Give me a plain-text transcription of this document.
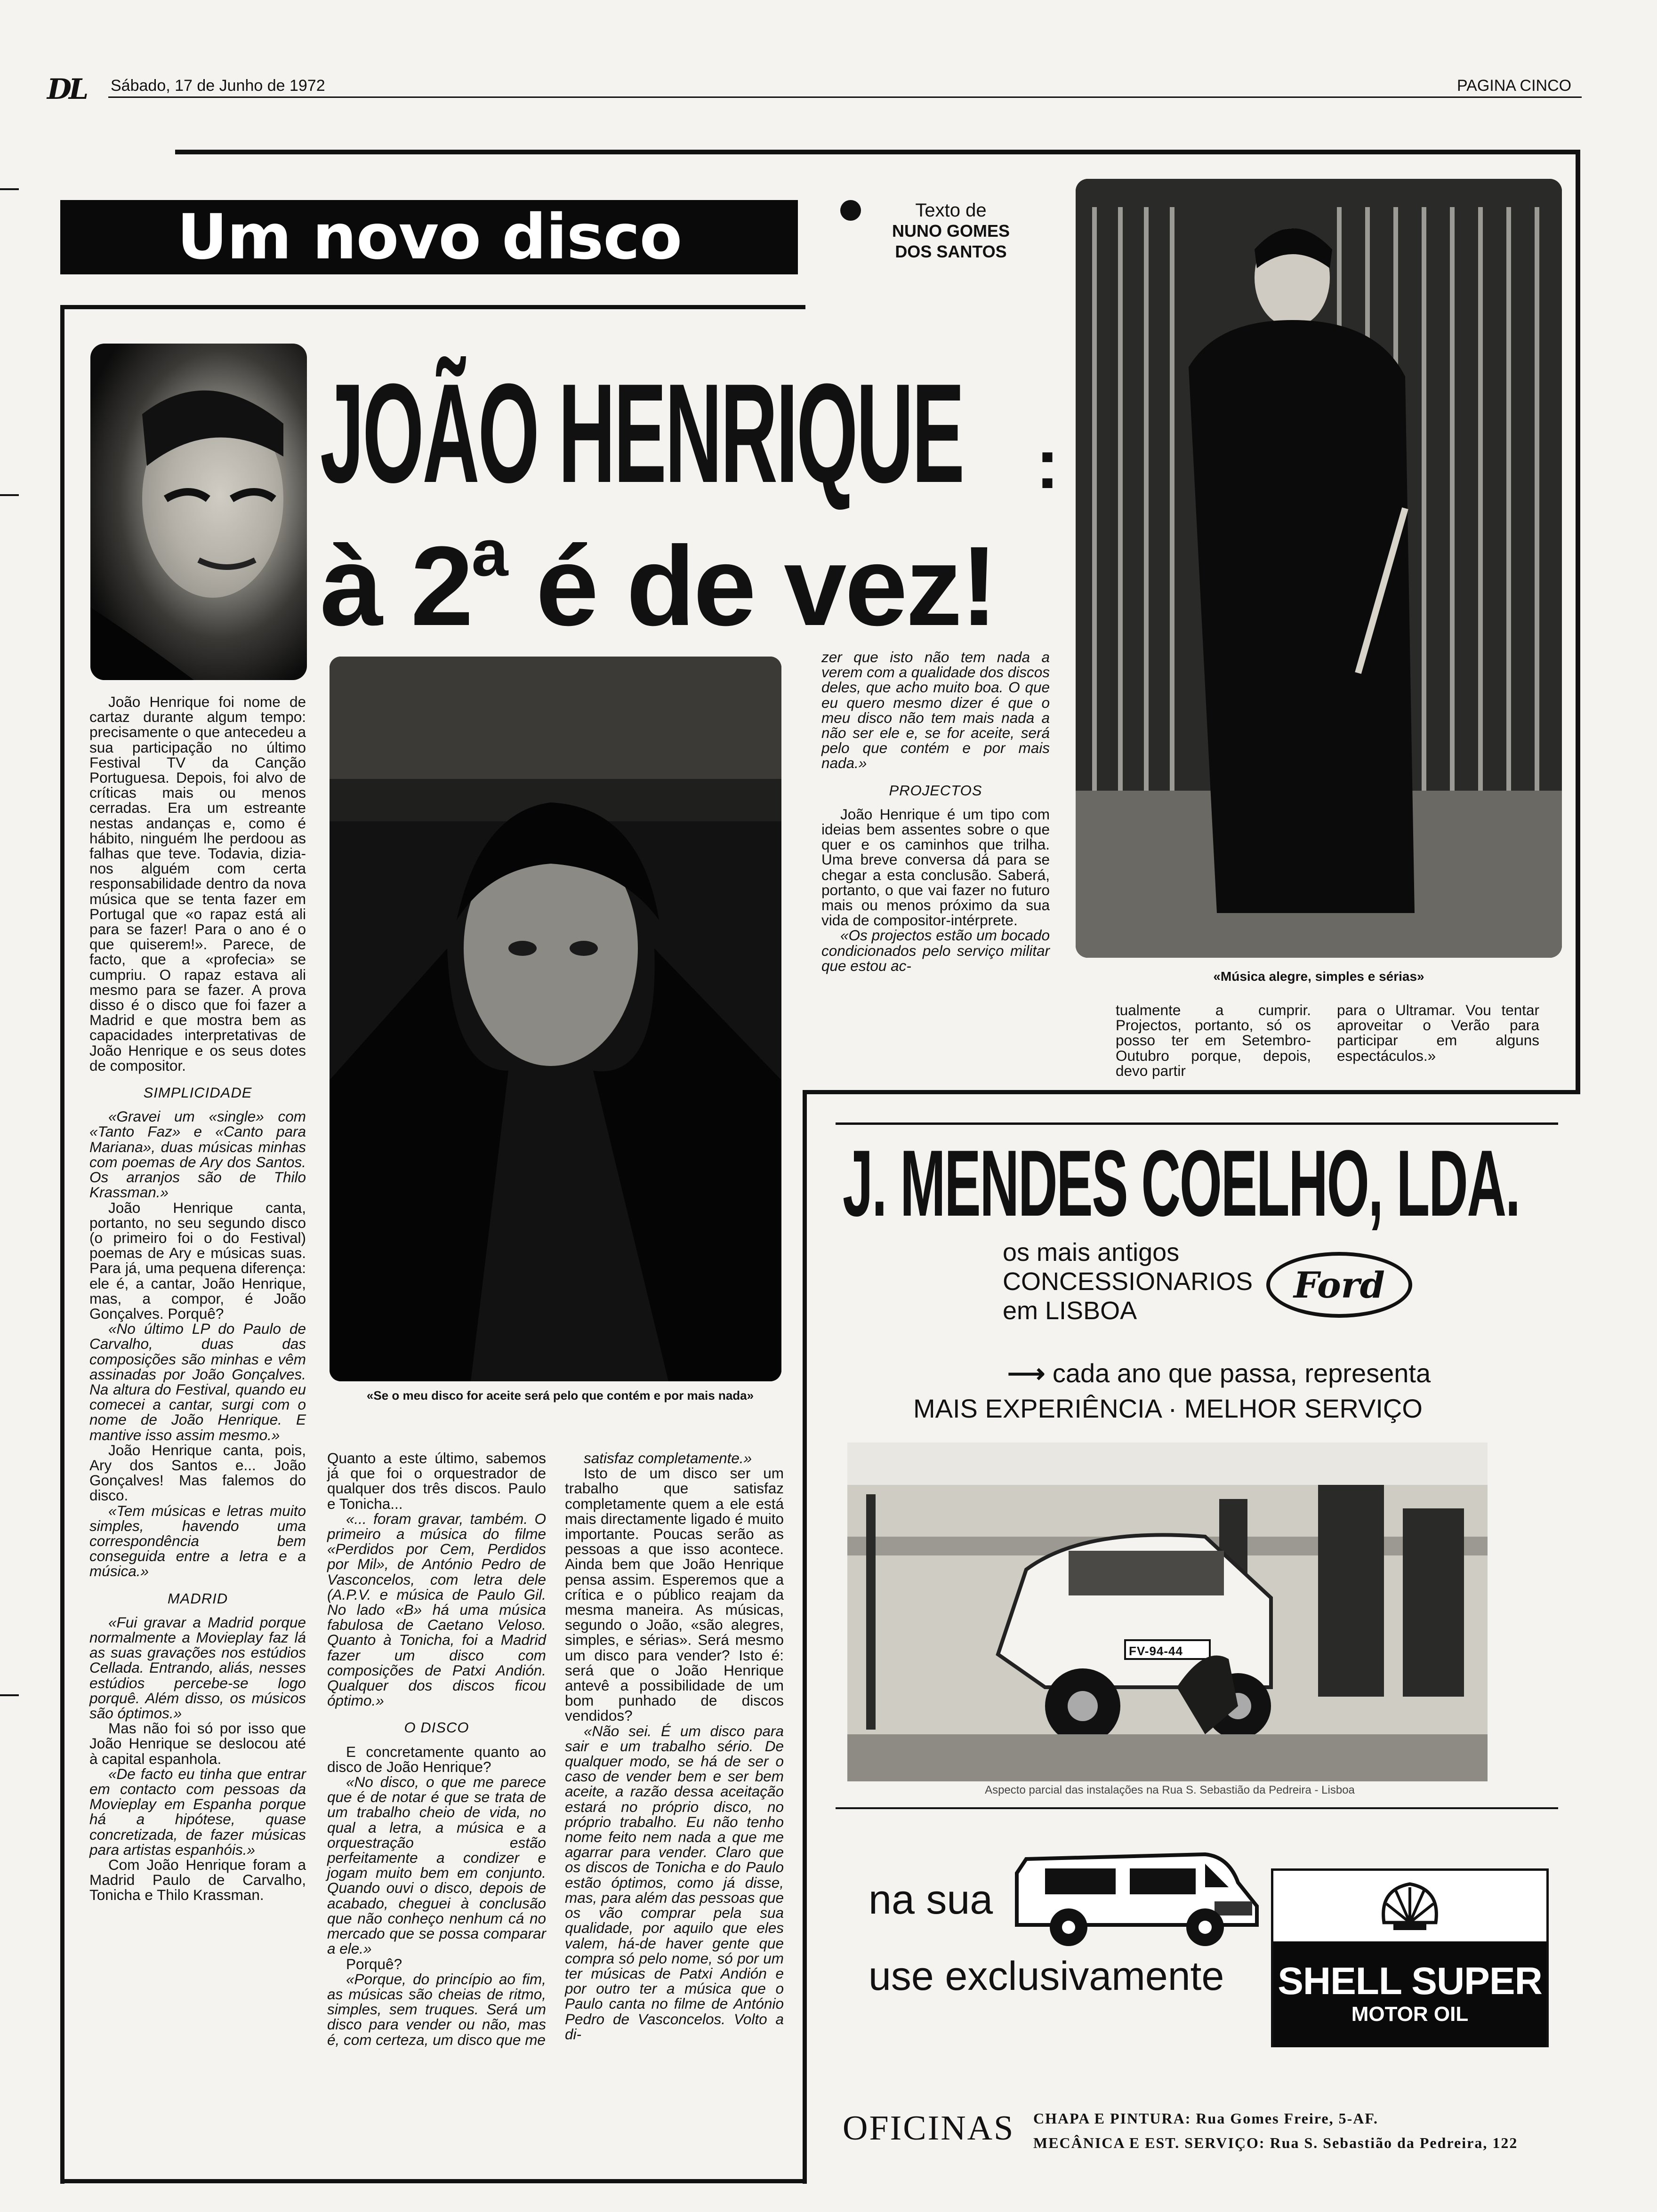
DL	Sábado, 17 de Junho de 1972	PAGINA CINCO
Um novo disco	Texto de
NUNO GOMES
DOS SANTOS
JOÃO HENRIQUE	:
à 2$^a$ é de vez!
«Música alegre, simples e sérias»
«Se o meu disco for aceite será pelo que contém e por mais nada»

João Henrique foi nome de cartaz durante algum tempo: precisamente o que antecedeu a sua participação no último Festival TV da Canção Portuguesa. Depois, foi alvo de críticas mais ou menos cerradas. Era um estreante nestas andanças e, como é hábito, ninguém lhe perdoou as falhas que teve. Todavia, dizia-nos alguém com certa responsabilidade dentro da nova música que se tenta fazer em Portugal que «o rapaz está ali para se fazer! Para o ano é o que quiserem!». Parece, de facto, que a «profecia» se cumpriu. O rapaz estava ali mesmo para se fazer. A prova disso é o disco que foi fazer a Madrid e que mostra bem as capacidades interpretativas de João Henrique e os seus dotes de compositor.

SIMPLICIDADE

«Gravei um «single» com «Tanto Faz» e «Canto para Mariana», duas músicas minhas com poemas de Ary dos Santos. Os arranjos são de Thilo Krassman.»

João Henrique canta, portanto, no seu segundo disco (o primeiro foi o do Festival) poemas de Ary e músicas suas. Para já, uma pequena diferença: ele é, a cantar, João Henrique, mas, a compor, é João Gonçalves. Porquê?

«No último LP do Paulo de Carvalho, duas das composições são minhas e vêm assinadas por João Gonçalves. Na altura do Festival, quando eu comecei a cantar, surgi com o nome de João Henrique. E mantive isso assim mesmo.»

João Henrique canta, pois, Ary dos Santos e... João Gonçalves! Mas falemos do disco.

«Tem músicas e letras muito simples, havendo uma correspondência bem conseguida entre a letra e a música.»

MADRID

«Fui gravar a Madrid porque normalmente a Movieplay faz lá as suas gravações nos estúdios Cellada. Entrando, aliás, nesses estúdios percebe-se logo porquê. Além disso, os músicos são óptimos.»

Mas não foi só por isso que João Henrique se deslocou até à capital espanhola.

«De facto eu tinha que entrar em contacto com pessoas da Movieplay em Espanha porque há a hipótese, quase concretizada, de fazer músicas para artistas espanhóis.»

Com João Henrique foram a Madrid Paulo de Carvalho, Tonicha e Thilo Krassman.

Quanto a este último, sabemos já que foi o orquestrador de qualquer dos três discos. Paulo e Tonicha...

«... foram gravar, também. O primeiro a música do filme «Perdidos por Cem, Perdidos por Mil», de António Pedro de Vasconcelos, com letra dele (A.P.V. e música de Paulo Gil. No lado «B» há uma música fabulosa de Caetano Veloso. Quanto à Tonicha, foi a Madrid fazer um disco com composições de Patxi Andión. Qualquer dos discos ficou óptimo.»

O DISCO

E concretamente quanto ao disco de João Henrique?

«No disco, o que me parece que é de notar é que se trata de um trabalho cheio de vida, no qual a letra, a música e a orquestração estão perfeitamente a condizer e jogam muito bem em conjunto. Quando ouvi o disco, depois de acabado, cheguei à conclusão que não conheço nenhum cá no mercado que se possa comparar a ele.»

Porquê?

«Porque, do princípio ao fim, as músicas são cheias de ritmo, simples, sem truques. Será um disco para vender ou não, mas é, com certeza, um disco que me

satisfaz completamente.»

Isto de um disco ser um trabalho que satisfaz completamente quem a ele está mais directamente ligado é muito importante. Poucas serão as pessoas a que isso acontece. Ainda bem que João Henrique pensa assim. Esperemos que a crítica e o público reajam da mesma maneira. As músicas, segundo o João, «são alegres, simples, e sérias». Será mesmo um disco para vender? Isto é: será que o João Henrique antevê a possibilidade de um bom punhado de discos vendidos?

«Não sei. É um disco para sair e um trabalho sério. De qualquer modo, se há de ser o caso de vender bem e ser bem aceite, a razão dessa aceitação estará no próprio disco, no próprio trabalho. Eu não tenho nome feito nem nada a que me agarrar para vender. Claro que os discos de Tonicha e do Paulo estão óptimos, como já disse, mas, para além das pessoas que os vão comprar pela sua qualidade, por aquilo que eles valem, há-de haver gente que compra só pelo nome, só por um ter músicas de Patxi Andión e por outro ter a música que o Paulo canta no filme de António Pedro de Vasconcelos. Volto a di-

zer que isto não tem nada a verem com a qualidade dos discos deles, que acho muito boa. O que eu quero mesmo dizer é que o meu disco não tem mais nada a não ser ele e, se for aceite, será pelo que contém e por mais nada.»

PROJECTOS

João Henrique é um tipo com ideias bem assentes sobre o que quer e os caminhos que trilha. Uma breve conversa dá para se chegar a esta conclusão. Saberá, portanto, o que vai fazer no futuro mais ou menos próximo da sua vida de compositor-intérprete.

«Os projectos estão um bocado condicionados pelo serviço militar que estou ac-

tualmente a cumprir. Projectos, portanto, só os posso ter em Setembro-Outubro porque, depois, devo partir
para o Ultramar. Vou tentar aproveitar o Verão para participar em alguns espectáculos.»
J. MENDES COELHO, LDA.
os mais antigos
CONCESSIONARIOS
em LISBOA
Ford
⟶ cada ano que passa, representa
MAIS EXPERIÊNCIA · MELHOR SERVIÇO
FV-94-44
Aspecto parcial das instalações na Rua S. Sebastião da Pedreira - Lisboa
na sua
use exclusivamente SHELL SUPER
MOTOR OIL
OFICINAS CHAPA E PINTURA: Rua Gomes Freire, 5-AF.
MECÂNICA E EST. SERVIÇO: Rua S. Sebastião da Pedreira, 122
